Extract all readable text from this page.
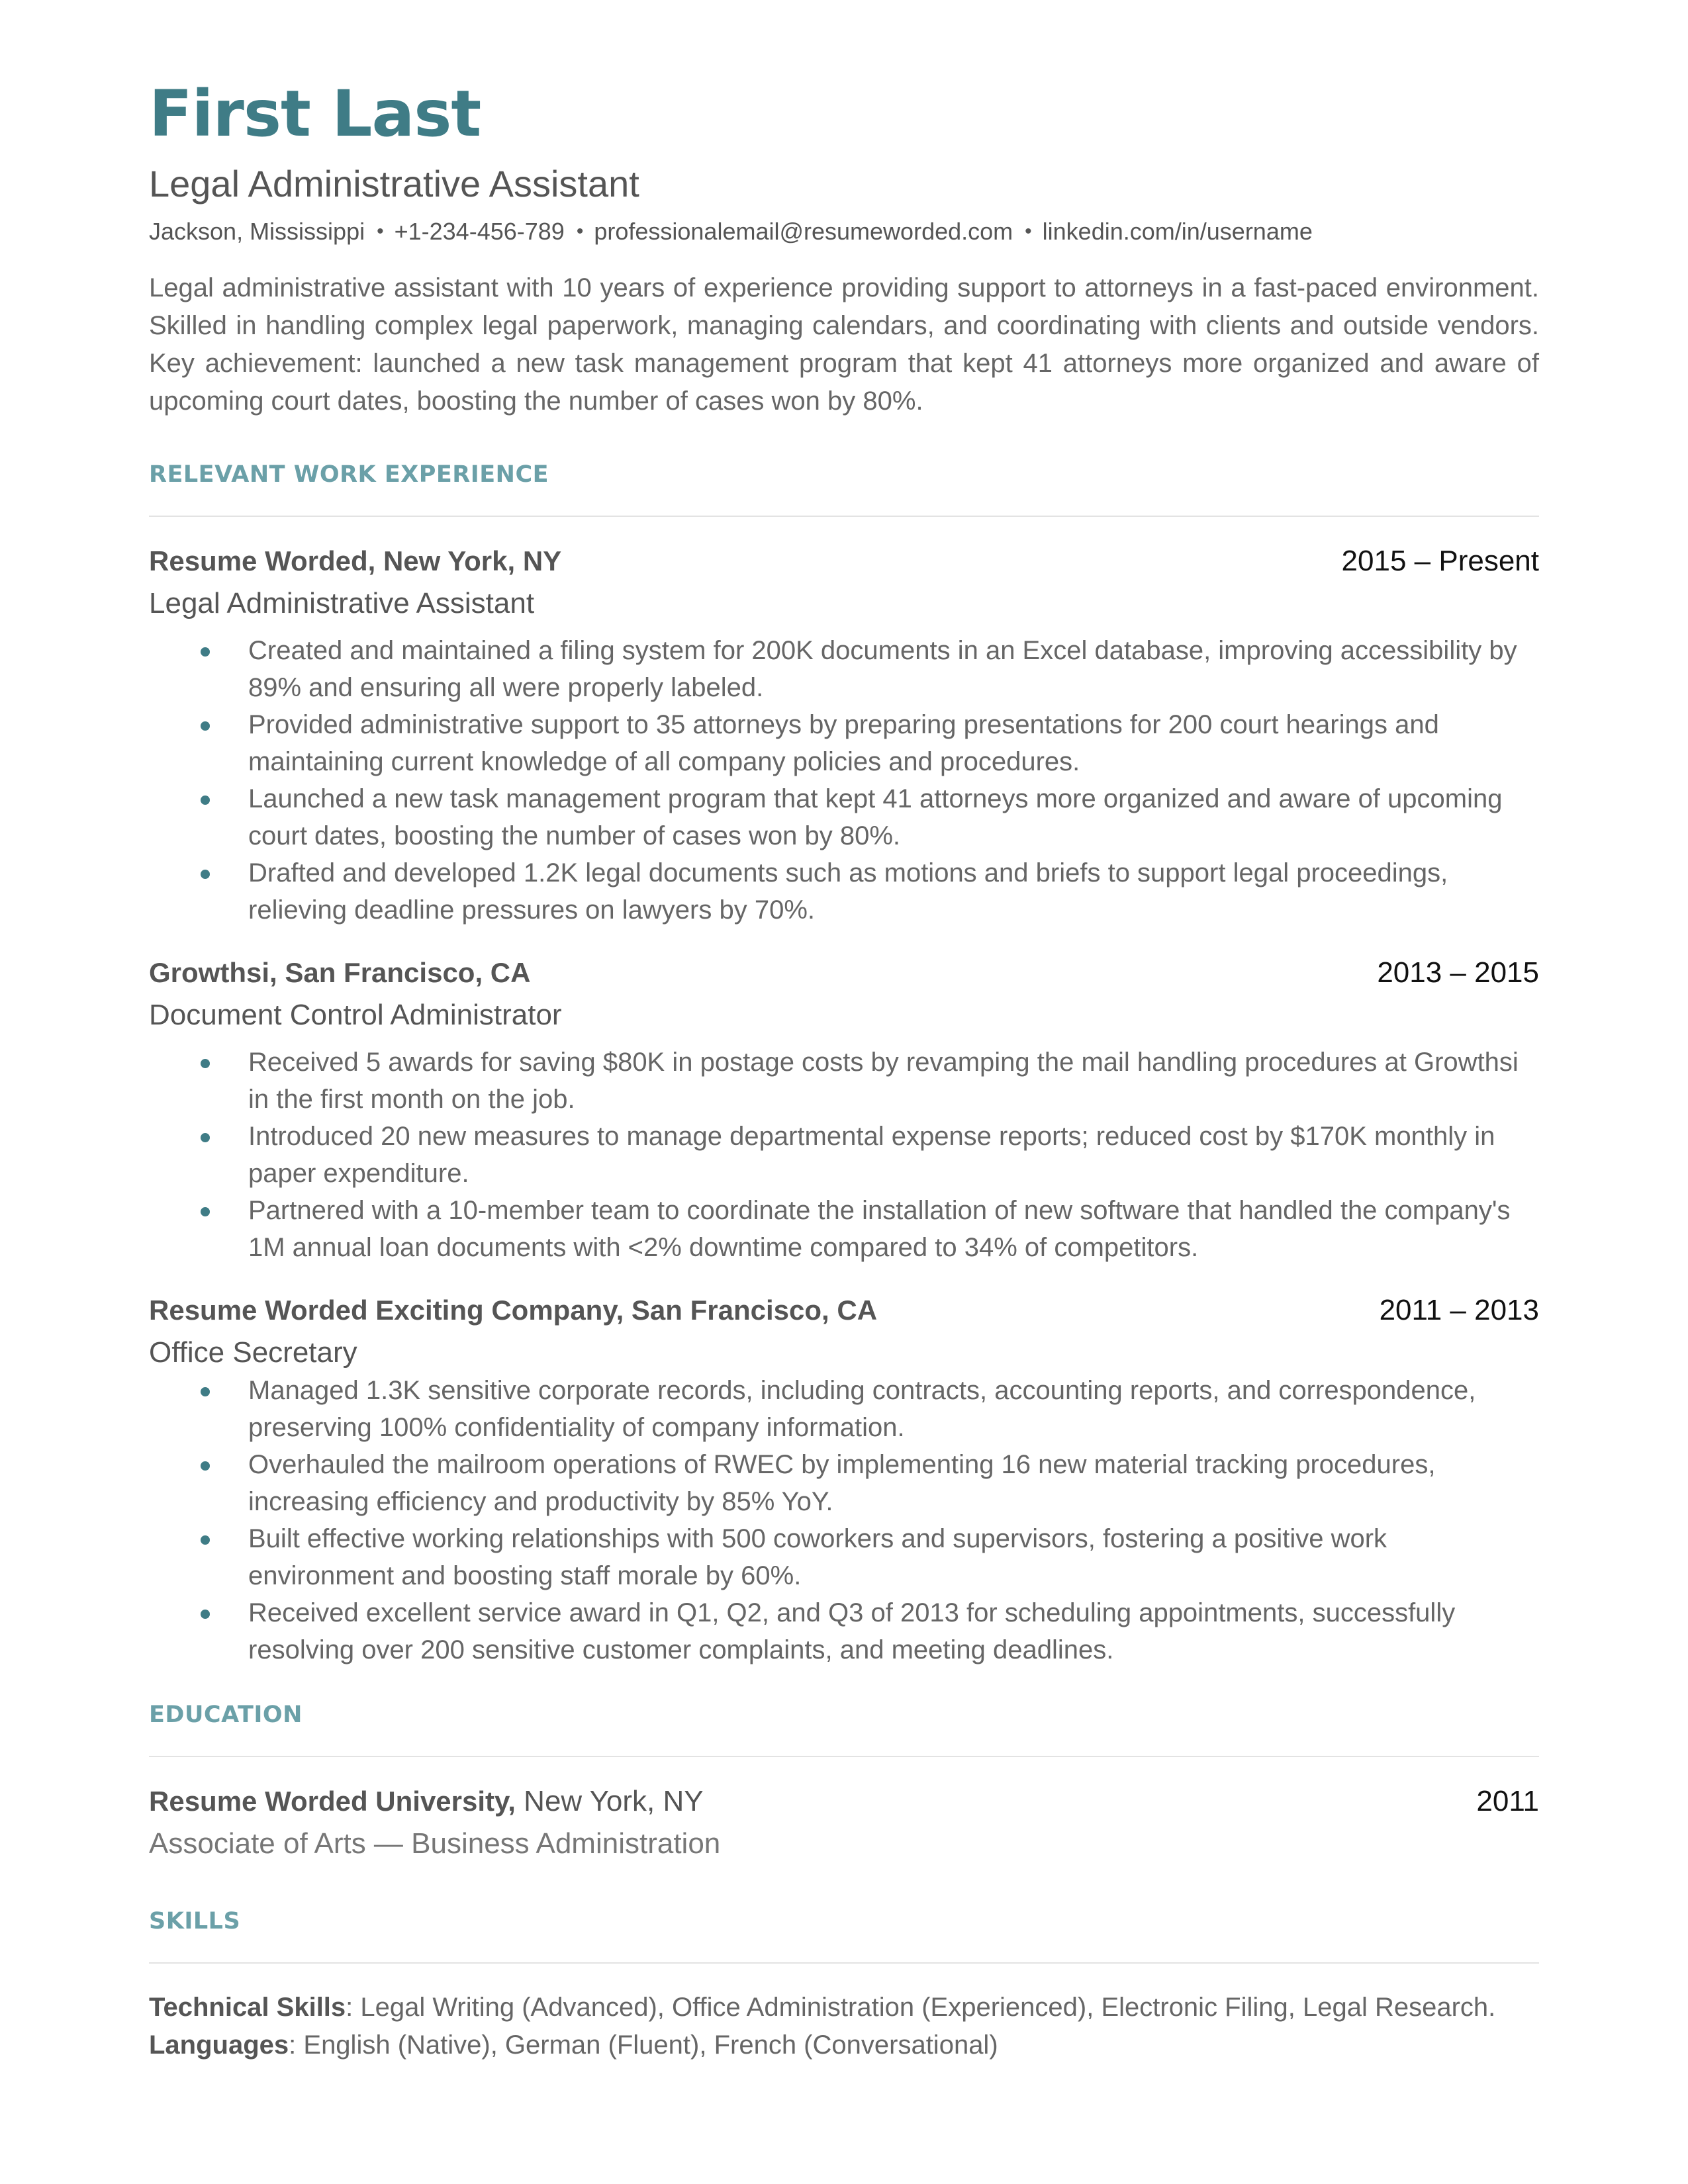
First Last
Legal Administrative Assistant
Jackson, Mississippi • +1-234-456-789 • professionalemail@resumeworded.com • linkedin.com/in/username
Legal administrative assistant with 10 years of experience providing support to attorneys in a fast-paced environment. Skilled in handling complex legal paperwork, managing calendars, and coordinating with clients and outside vendors. Key achievement: launched a new task management program that kept 41 attorneys more organized and aware of upcoming court dates, boosting the number of cases won by 80%.
RELEVANT WORK EXPERIENCE
Resume Worded, New York, NY	2015 – Present
Legal Administrative Assistant
Created and maintained a filing system for 200K documents in an Excel database, improving accessibility by 89% and ensuring all were properly labeled.
Provided administrative support to 35 attorneys by preparing presentations for 200 court hearings and maintaining current knowledge of all company policies and procedures.
Launched a new task management program that kept 41 attorneys more organized and aware of upcoming court dates, boosting the number of cases won by 80%.
Drafted and developed 1.2K legal documents such as motions and briefs to support legal proceedings, relieving deadline pressures on lawyers by 70%.
Growthsi, San Francisco, CA	2013 – 2015
Document Control Administrator
Received 5 awards for saving $80K in postage costs by revamping the mail handling procedures at Growthsi in the first month on the job.
Introduced 20 new measures to manage departmental expense reports; reduced cost by $170K monthly in paper expenditure.
Partnered with a 10-member team to coordinate the installation of new software that handled the company's 1M annual loan documents with <2% downtime compared to 34% of competitors.
Resume Worded Exciting Company, San Francisco, CA	2011 – 2013
Office Secretary
Managed 1.3K sensitive corporate records, including contracts, accounting reports, and correspondence, preserving 100% confidentiality of company information.
Overhauled the mailroom operations of RWEC by implementing 16 new material tracking procedures, increasing efficiency and productivity by 85% YoY.
Built effective working relationships with 500 coworkers and supervisors, fostering a positive work environment and boosting staff morale by 60%.
Received excellent service award in Q1, Q2, and Q3 of 2013 for scheduling appointments, successfully resolving over 200 sensitive customer complaints, and meeting deadlines.
EDUCATION
Resume Worded University, New York, NY	2011
Associate of Arts — Business Administration
SKILLS
Technical Skills: Legal Writing (Advanced), Office Administration (Experienced), Electronic Filing, Legal Research.
Languages: English (Native), German (Fluent), French (Conversational)
